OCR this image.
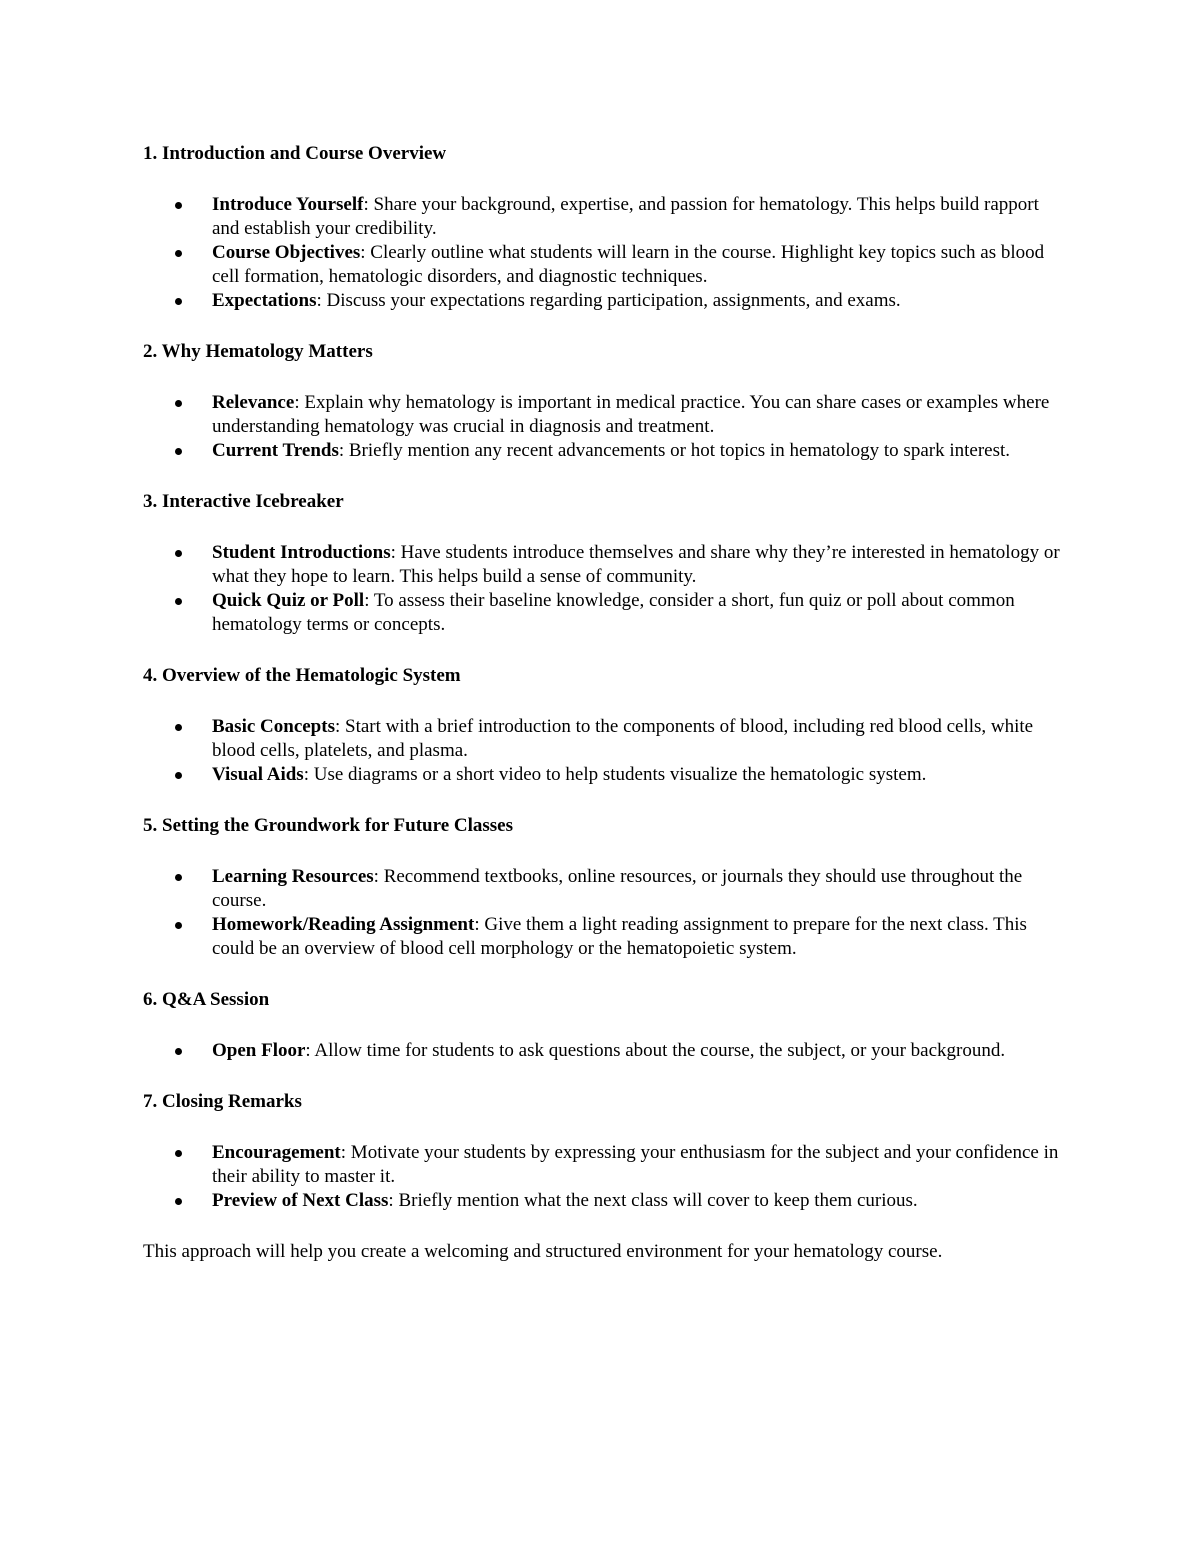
1. Introduction and Course Overview

Introduce Yourself: Share your background, expertise, and passion for hematology. This helps build rapport and establish your credibility.
Course Objectives: Clearly outline what students will learn in the course. Highlight key topics such as blood cell formation, hematologic disorders, and diagnostic techniques.
Expectations: Discuss your expectations regarding participation, assignments, and exams.

2. Why Hematology Matters

Relevance: Explain why hematology is important in medical practice. You can share cases or examples where understanding hematology was crucial in diagnosis and treatment.
Current Trends: Briefly mention any recent advancements or hot topics in hematology to spark interest.

3. Interactive Icebreaker

Student Introductions: Have students introduce themselves and share why they’re interested in hematology or what they hope to learn. This helps build a sense of community.
Quick Quiz or Poll: To assess their baseline knowledge, consider a short, fun quiz or poll about common hematology terms or concepts.

4. Overview of the Hematologic System

Basic Concepts: Start with a brief introduction to the components of blood, including red blood cells, white blood cells, platelets, and plasma.
Visual Aids: Use diagrams or a short video to help students visualize the hematologic system.

5. Setting the Groundwork for Future Classes

Learning Resources: Recommend textbooks, online resources, or journals they should use throughout the course.
Homework/Reading Assignment: Give them a light reading assignment to prepare for the next class. This could be an overview of blood cell morphology or the hematopoietic system.

6. Q&A Session

Open Floor: Allow time for students to ask questions about the course, the subject, or your background.

7. Closing Remarks

Encouragement: Motivate your students by expressing your enthusiasm for the subject and your confidence in their ability to master it.
Preview of Next Class: Briefly mention what the next class will cover to keep them curious.

This approach will help you create a welcoming and structured environment for your hematology course.
